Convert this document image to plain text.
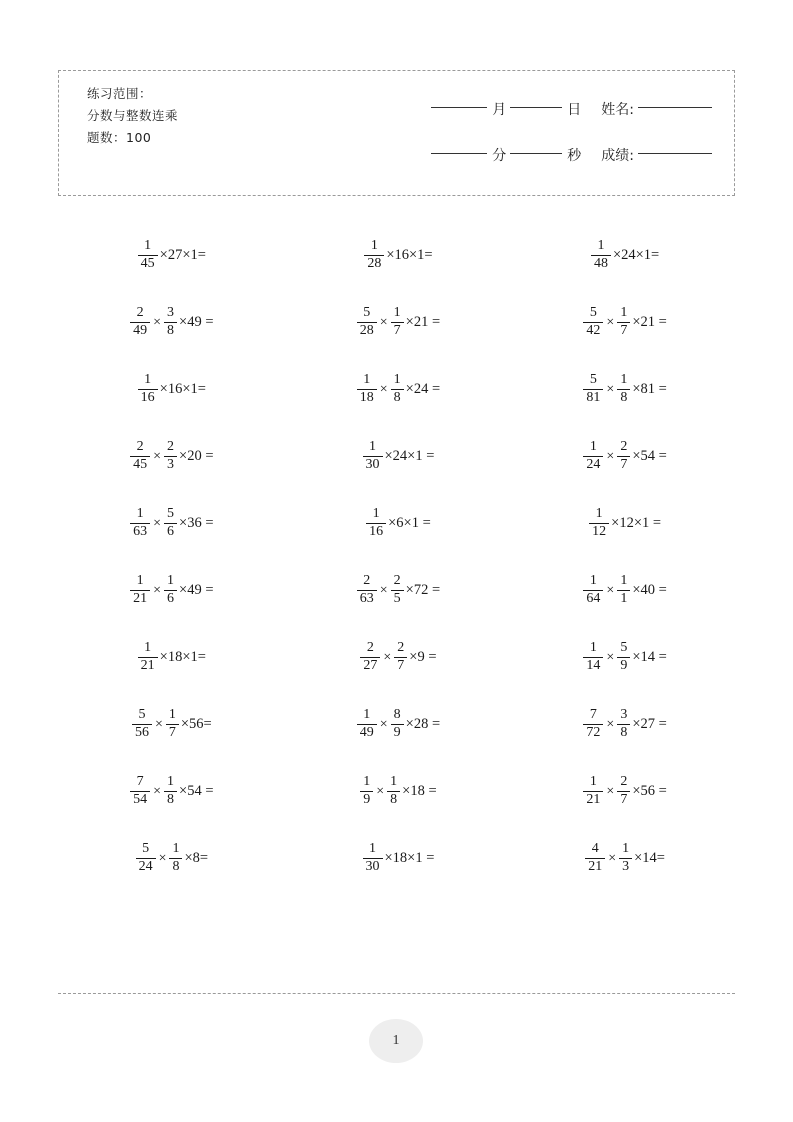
练习范围：
分数与整数连乘
题数：100
月	日 姓名:
分	秒 成绩:
$\frac{1}{45} \times 27\times 1=$	$\frac{1}{28} \times 16\times 1=$	$\frac{1}{48} \times 24\times 1=$
$\frac{2}{49} \times \frac{3}{8} \times 49$ =	$\frac{5}{28} \times \frac{1}{7} \times 21$ =	$\frac{5}{42} \times \frac{1}{7} \times 21$ =
$\frac{1}{16} \times 16\times 1=$	$\frac{1}{18} \times \frac{1}{8} \times 24$ =	$\frac{5}{81} \times \frac{1}{8} \times 81$ =
$\frac{2}{45} \times \frac{2}{3} \times 20$ =	$\frac{1}{30} \times 24\times 1$ =	$\frac{1}{24} \times \frac{2}{7} \times 54$ =
$\frac{1}{63} \times \frac{5}{6} \times 36$ =	$\frac{1}{16} \times 6\times 1$ =	$\frac{1}{12} \times 12\times 1$ =
$\frac{1}{21} \times \frac{1}{6} \times 49$ =	$\frac{2}{63} \times \frac{2}{5} \times 72$ =	$\frac{1}{64} \times \frac{1}{1} \times 40$ =
$\frac{1}{21} \times 18\times 1=$	$\frac{2}{27} \times \frac{2}{7} \times 9$ =	$\frac{1}{14} \times \frac{5}{9} \times 14$ =
$\frac{5}{56} \times \frac{1}{7} \times 56=$	$\frac{1}{49} \times \frac{8}{9} \times 28$ =	$\frac{7}{72} \times \frac{3}{8} \times 27$ =
$\frac{7}{54} \times \frac{1}{8} \times 54$ =	$\frac{1}{9} \times \frac{1}{8} \times 18$ =	$\frac{1}{21} \times \frac{2}{7} \times 56$ =
$\frac{5}{24} \times \frac{1}{8} \times 8=$	$\frac{1}{30} \times 18\times 1$ =	$\frac{4}{21} \times \frac{1}{3} \times 14=$
1
